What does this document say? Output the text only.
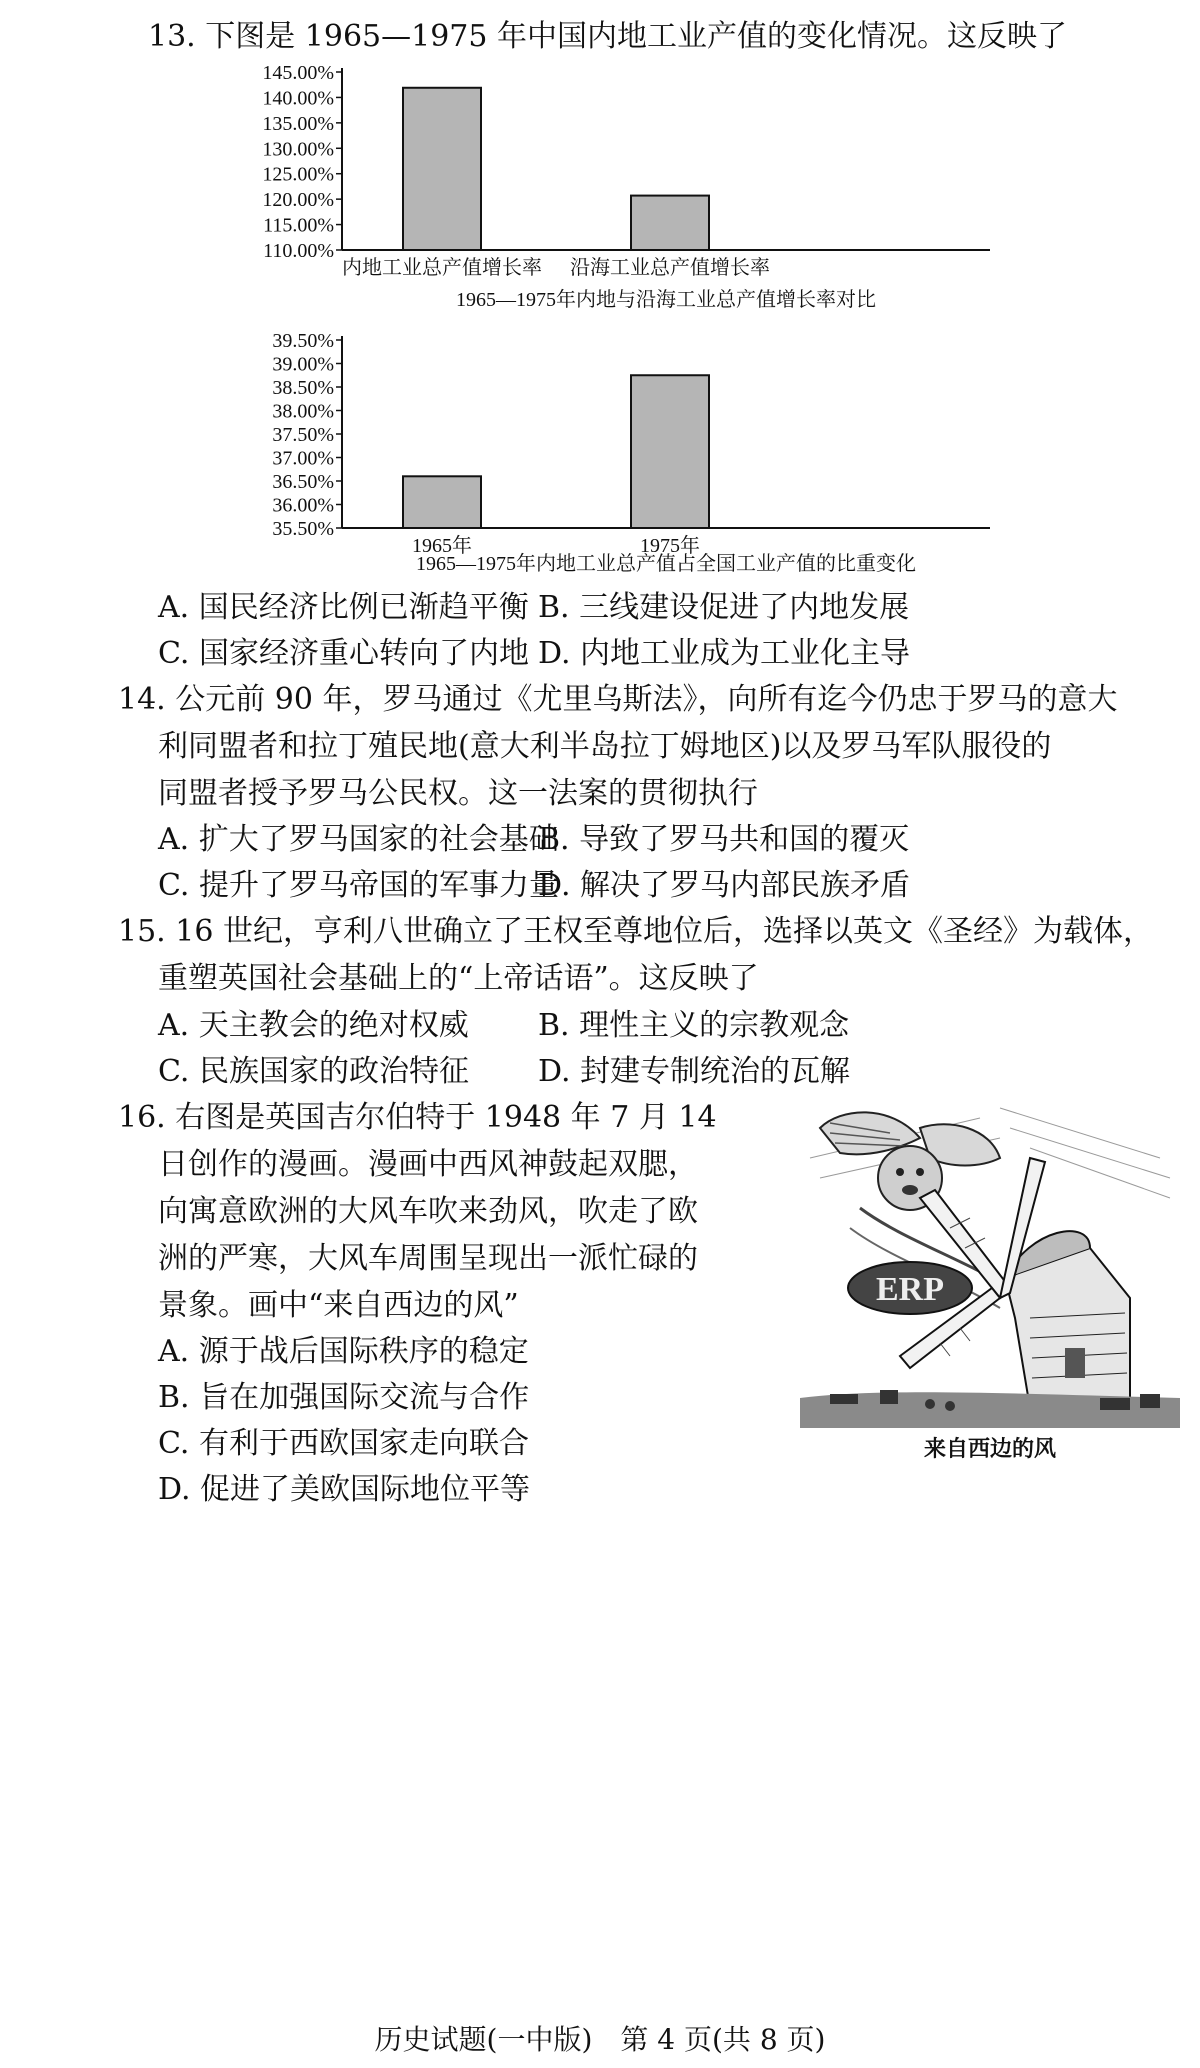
13. 下图是 1965—1975 年中国内地工业产值的变化情况。这反映了
145.00%
140.00%
135.00%
130.00%
125.00%
120.00%
115.00%
110.00%
内地工业总产值增长率 沿海工业总产值增长率
1965—1975年内地与沿海工业总产值增长率对比
39.50%
39.00%
38.50%
38.00%
37.50%
37.00%
36.50%
36.00%
35.50%
1965年	1975年
1965—1975年内地工业总产值占全国工业产值的比重变化
A. 国民经济比例已渐趋平衡 B. 三线建设促进了内地发展
C. 国家经济重心转向了内地 D. 内地工业成为工业化主导
14. 公元前 90 年，罗马通过《尤里乌斯法》，向所有迄今仍忠于罗马的意大
利同盟者和拉丁殖民地(意大利半岛拉丁姆地区)以及罗马军队服役的
同盟者授予罗马公民权。这一法案的贯彻执行
A. 扩大了罗马国家的社会基础
B. 导致了罗马共和国的覆灭
C. 提升了罗马帝国的军事力量
D. 解决了罗马内部民族矛盾
15. 16 世纪，亨利八世确立了王权至尊地位后，选择以英文《圣经》为载体，
重塑英国社会基础上的“上帝话语”。这反映了
A. 天主教会的绝对权威 B. 理性主义的宗教观念
C. 民族国家的政治特征 D. 封建专制统治的瓦解
16. 右图是英国吉尔伯特于 1948 年 7 月 14
日创作的漫画。漫画中西风神鼓起双腮，
向寓意欧洲的大风车吹来劲风，吹走了欧
洲的严寒，大风车周围呈现出一派忙碌的
景象。画中“来自西边的风”
A. 源于战后国际秩序的稳定
B. 旨在加强国际交流与合作
C. 有利于西欧国家走向联合
D. 促进了美欧国际地位平等
ERP
来自西边的风
历史试题(一中版)　第 4 页(共 8 页)
